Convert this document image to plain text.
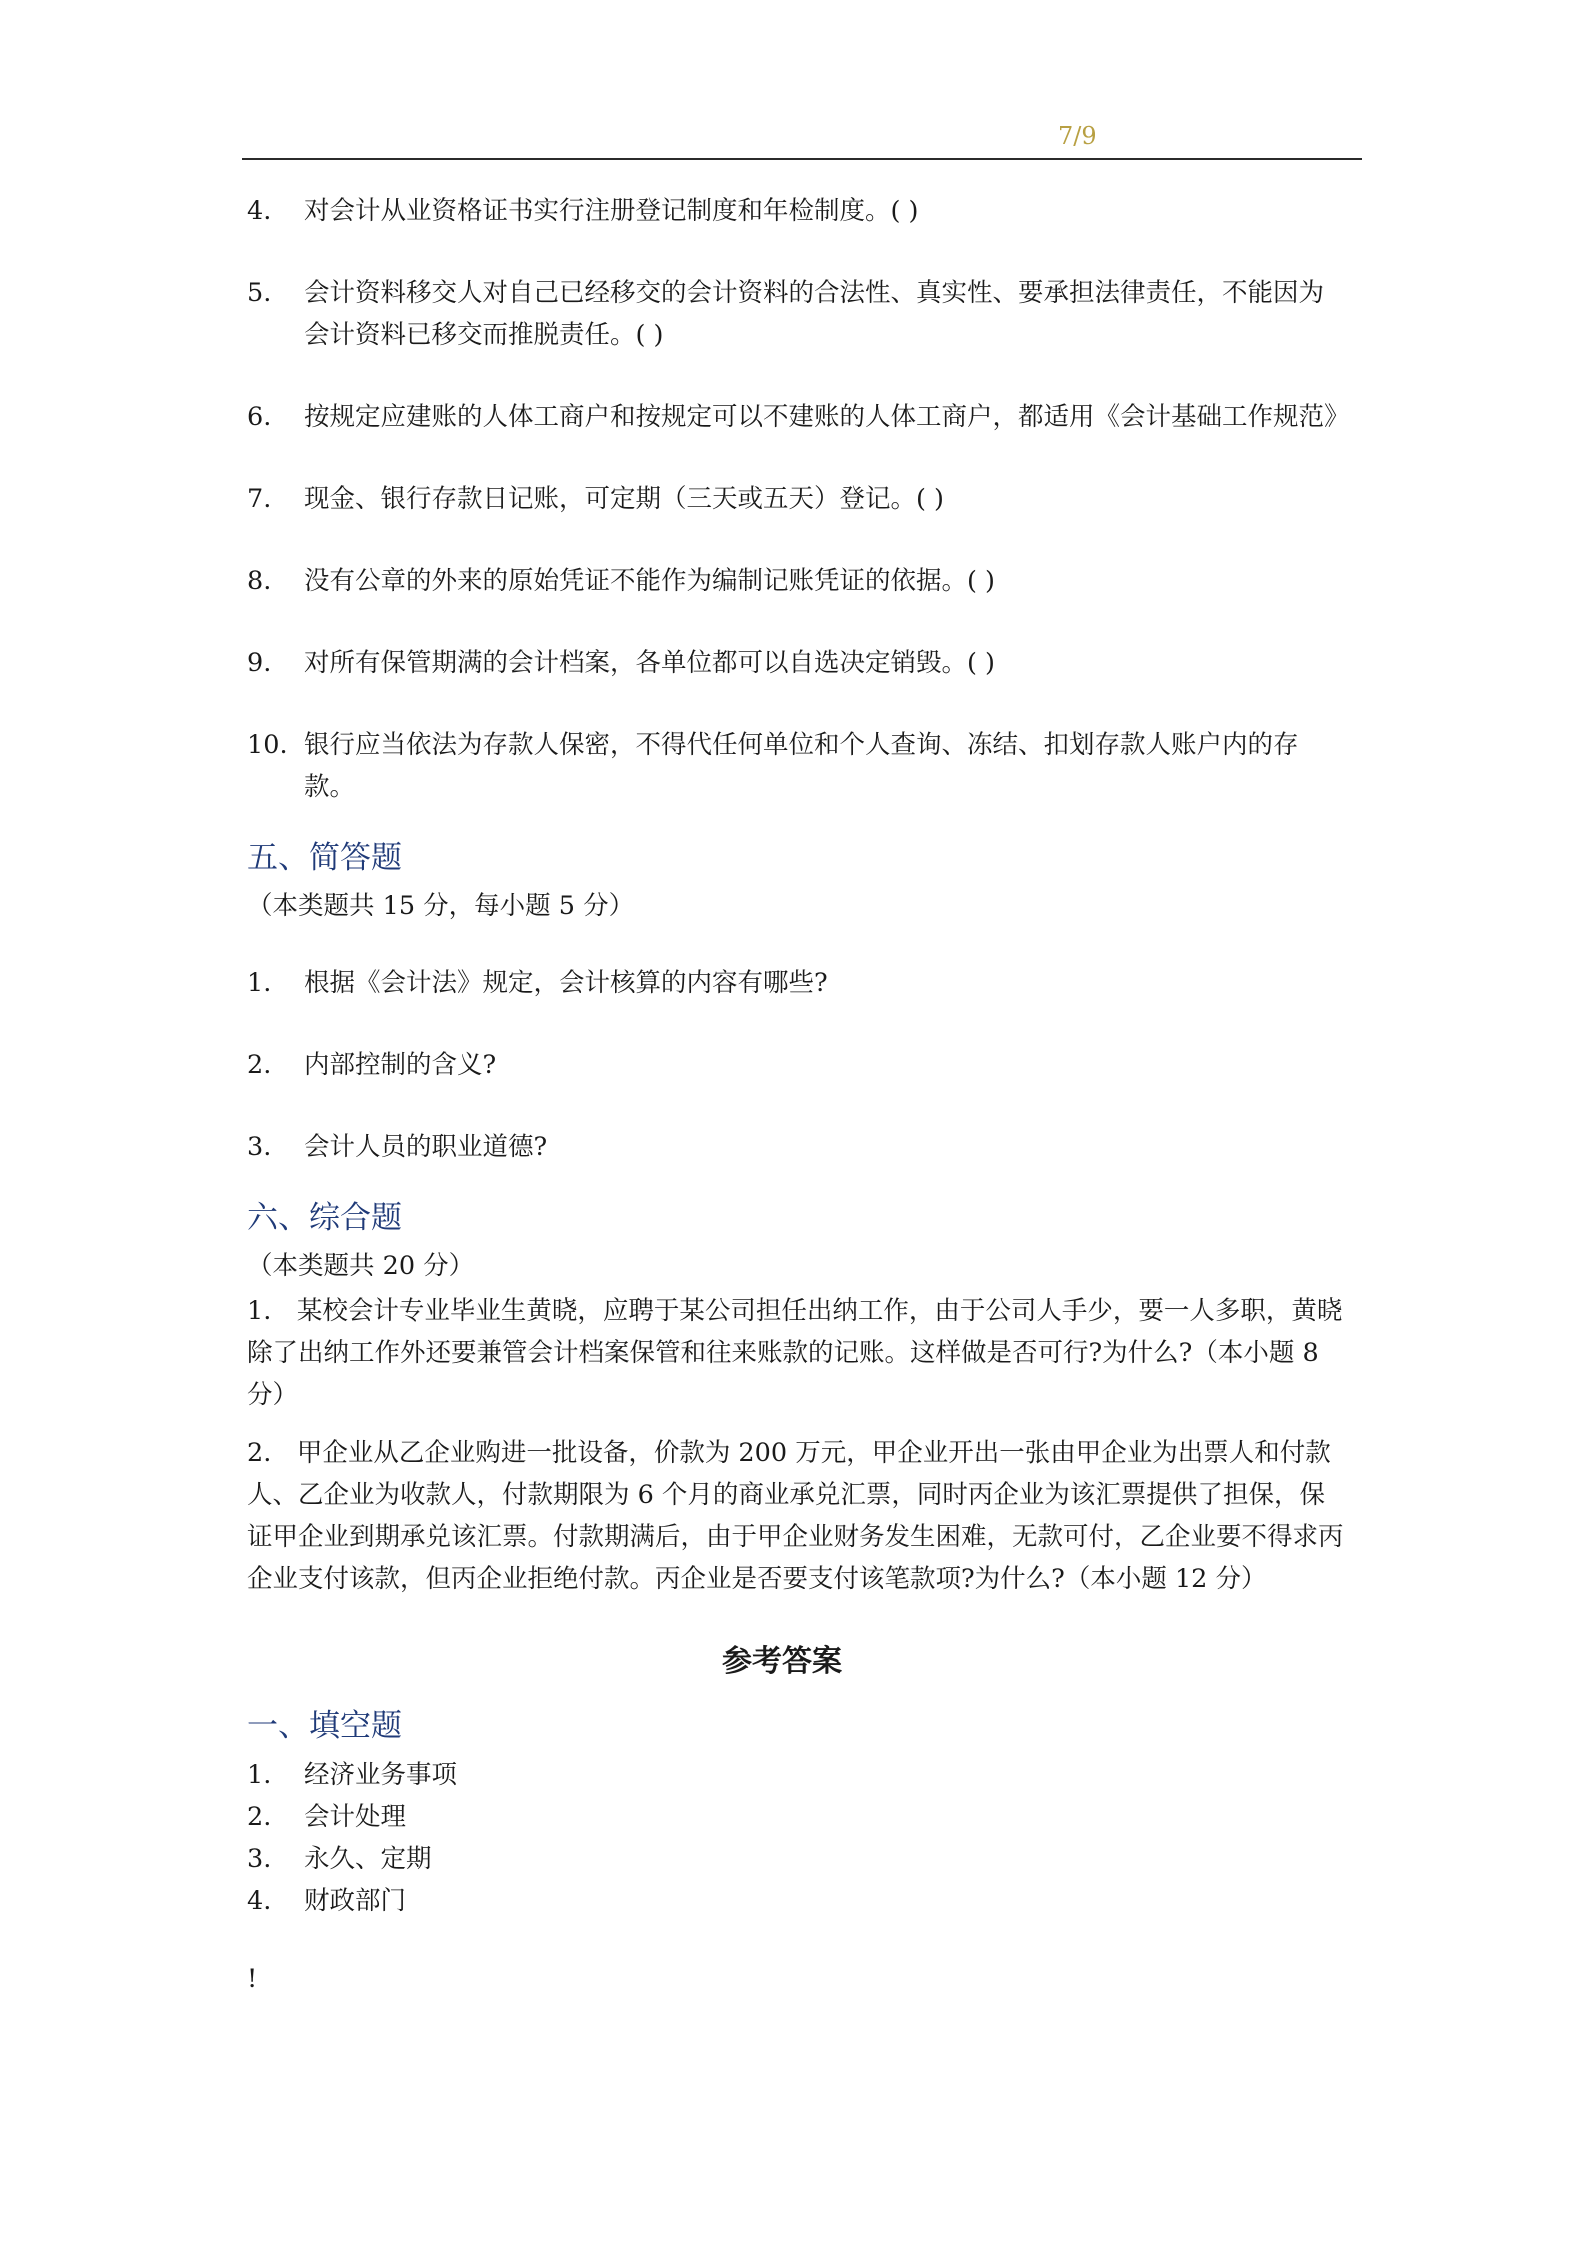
7/9
4.	对会计从业资格证书实行注册登记制度和年检制度。( )
5.	会计资料移交人对自己已经移交的会计资料的合法性、真实性、要承担法律责任，不能因为会计资料已移交而推脱责任。( )
6.	按规定应建账的人体工商户和按规定可以不建账的人体工商户，都适用《会计基础工作规范》
7.	现金、银行存款日记账，可定期（三天或五天）登记。( )
8.	没有公章的外来的原始凭证不能作为编制记账凭证的依据。( )
9.	对所有保管期满的会计档案，各单位都可以自选决定销毁。( )
10. 银行应当依法为存款人保密，不得代任何单位和个人查询、冻结、扣划存款人账户内的存款。
五、简答题
（本类题共 15 分，每小题 5 分）
1.	根据《会计法》规定，会计核算的内容有哪些?
2.	内部控制的含义?
3.	会计人员的职业道德?
六、综合题
（本类题共 20 分）
1.　某校会计专业毕业生黄晓，应聘于某公司担任出纳工作，由于公司人手少，要一人多职，黄晓除了出纳工作外还要兼管会计档案保管和往来账款的记账。这样做是否可行?为什么?（本小题 8 分）
2.　甲企业从乙企业购进一批设备，价款为 200 万元，甲企业开出一张由甲企业为出票人和付款人、乙企业为收款人，付款期限为 6 个月的商业承兑汇票，同时丙企业为该汇票提供了担保，保证甲企业到期承兑该汇票。付款期满后，由于甲企业财务发生困难，无款可付，乙企业要不得求丙企业支付该款，但丙企业拒绝付款。丙企业是否要支付该笔款项?为什么?（本小题 12 分）
参考答案
一、填空题
1.	经济业务事项
2.	会计处理
3.	永久、定期
4.	财政部门
!
